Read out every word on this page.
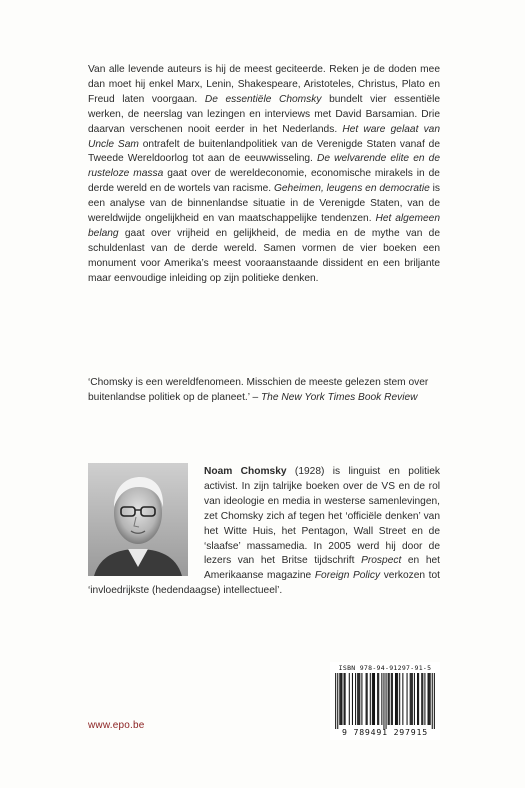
Van alle levende auteurs is hij de meest geciteerde. Reken je de doden mee dan moet hij enkel Marx, Lenin, Shakespeare, Aristoteles, Christus, Plato en Freud laten voorgaan. De essentiële Chomsky bundelt vier essentiële werken, de neerslag van lezingen en interviews met David Barsamian. Drie daarvan verschenen nooit eerder in het Nederlands. Het ware gelaat van Uncle Sam ontrafelt de buitenlandpolitiek van de Verenigde Staten vanaf de Tweede Wereldoorlog tot aan de eeuwwisseling. De welvarende elite en de rusteloze massa gaat over de wereldeconomie, economische mirakels in de derde wereld en de wortels van racisme. Geheimen, leugens en democratie is een analyse van de binnenlandse situatie in de Verenigde Staten, van de wereldwijde ongelijkheid en van maatschappelijke tendenzen. Het algemeen belang gaat over vrijheid en gelijkheid, de media en de mythe van de schuldenlast van de derde wereld. Samen vormen de vier boeken een monument voor Amerika’s meest vooraanstaande dissident en een briljante maar eenvoudige inleiding op zijn politieke denken.

‘Chomsky is een wereldfenomeen. Misschien de meeste gelezen stem over buitenlandse politiek op de planeet.’ – The New York Times Book Review

Noam Chomsky (1928) is linguist en politiek activist. In zijn talrijke boeken over de VS en de rol van ideologie en media in westerse samenlevingen, zet Chomsky zich af tegen het ‘officiële denken’ van het Witte Huis, het Pentagon, Wall Street en de ‘slaafse’ massamedia. In 2005 werd hij door de lezers van het Britse tijdschrift Prospect en het Amerikaanse magazine Foreign Policy verkozen tot ‘invloedrijkste (hedendaagse) intellectueel’.

www.epo.be
ISBN 978-94-91297-91-5
9 789491 297915
